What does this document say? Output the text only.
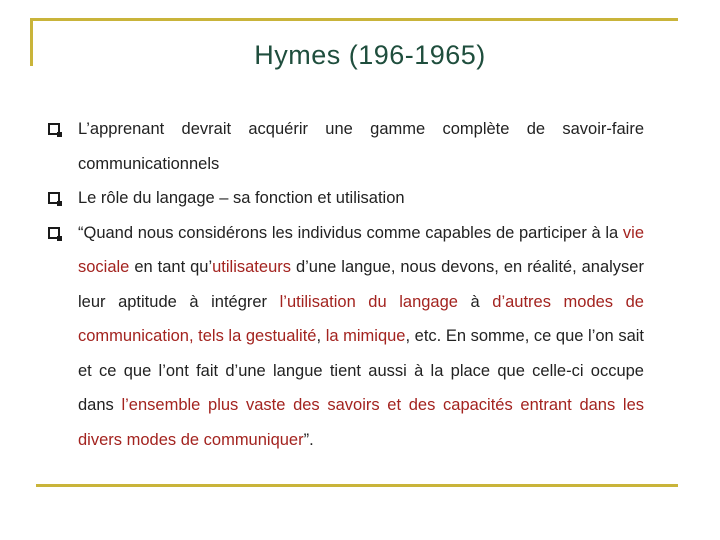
Hymes (196-1965)
L’apprenant devrait acquérir une gamme complète de savoir-faire communicationnels
Le rôle du langage – sa fonction et utilisation
“Quand nous considérons les individus comme capables de participer à la vie sociale en tant qu’utilisateurs d’une langue, nous devons, en réalité, analyser leur aptitude à intégrer l’utilisation du langage à d’autres modes de communication, tels la gestualité, la mimique, etc. En somme, ce que l’on sait et ce que l’ont fait d’une langue tient aussi à la place que celle-ci occupe dans l’ensemble plus vaste des savoirs et des capacités entrant dans les divers modes de communiquer”.
